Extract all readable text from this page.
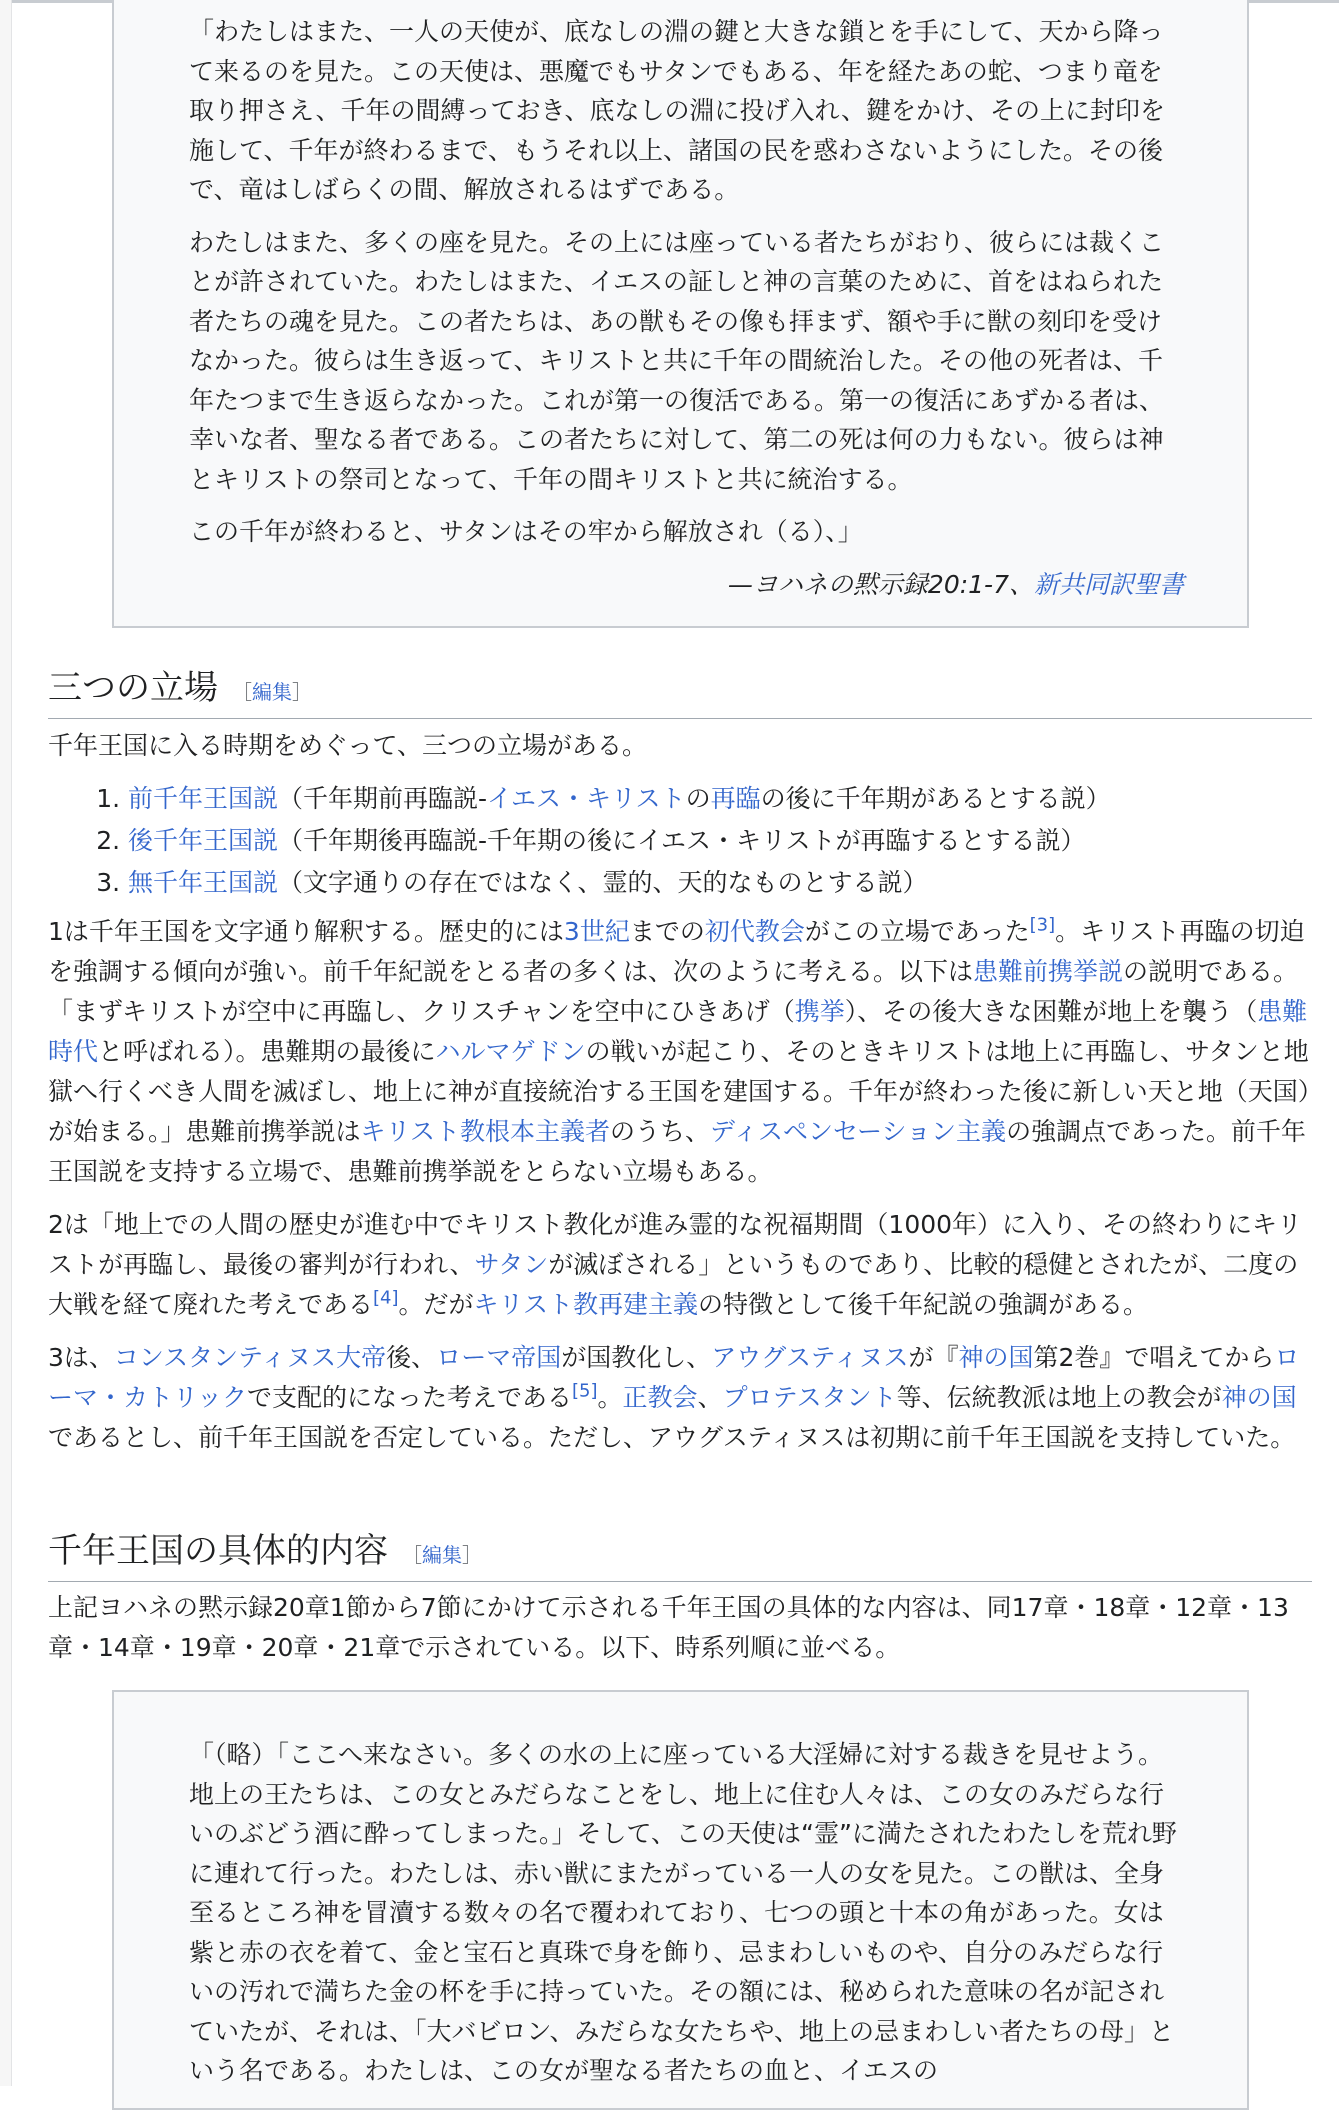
「わたしはまた、一人の天使が、底なしの淵の鍵と大きな鎖とを手にして、天から降って来るのを見た。この天使は、悪魔でもサタンでもある、年を経たあの蛇、つまり竜を取り押さえ、千年の間縛っておき、底なしの淵に投げ入れ、鍵をかけ、その上に封印を施して、千年が終わるまで、もうそれ以上、諸国の民を惑わさないようにした。その後で、竜はしばらくの間、解放されるはずである。

わたしはまた、多くの座を見た。その上には座っている者たちがおり、彼らには裁くことが許されていた。わたしはまた、イエスの証しと神の言葉のために、首をはねられた者たちの魂を見た。この者たちは、あの獣もその像も拝まず、額や手に獣の刻印を受けなかった。彼らは生き返って、キリストと共に千年の間統治した。その他の死者は、千年たつまで生き返らなかった。これが第一の復活である。第一の復活にあずかる者は、幸いな者、聖なる者である。この者たちに対して、第二の死は何の力もない。彼らは神とキリストの祭司となって、千年の間キリストと共に統治する。

この千年が終わると、サタンはその牢から解放され（る）、」

—ヨハネの黙示録20:1-7、新共同訳聖書
三つの立場 ［編集］

千年王国に入る時期をめぐって、三つの立場がある。

1. 前千年王国説（千年期前再臨説-イエス・キリストの再臨の後に千年期があるとする説）
2. 後千年王国説（千年期後再臨説-千年期の後にイエス・キリストが再臨するとする説）
3. 無千年王国説（文字通りの存在ではなく、霊的、天的なものとする説）

1は千年王国を文字通り解釈する。歴史的には3世紀までの初代教会がこの立場であった[3]。キリスト再臨の切迫を強調する傾向が強い。前千年紀説をとる者の多くは、次のように考える。以下は患難前携挙説の説明である。「まずキリストが空中に再臨し、クリスチャンを空中にひきあげ（携挙）、その後大きな困難が地上を襲う（患難時代と呼ばれる）。患難期の最後にハルマゲドンの戦いが起こり、そのときキリストは地上に再臨し、サタンと地獄へ行くべき人間を滅ぼし、地上に神が直接統治する王国を建国する。千年が終わった後に新しい天と地（天国）が始まる。」患難前携挙説はキリスト教根本主義者のうち、ディスペンセーション主義の強調点であった。前千年王国説を支持する立場で、患難前携挙説をとらない立場もある。

2は「地上での人間の歴史が進む中でキリスト教化が進み霊的な祝福期間（1000年）に入り、その終わりにキリストが再臨し、最後の審判が行われ、サタンが滅ぼされる」というものであり、比較的穏健とされたが、二度の大戦を経て廃れた考えである[4]。だがキリスト教再建主義の特徴として後千年紀説の強調がある。

3は、コンスタンティヌス大帝後、ローマ帝国が国教化し、アウグスティヌスが『神の国第2巻』で唱えてからローマ・カトリックで支配的になった考えである[5]。正教会、プロテスタント等、伝統教派は地上の教会が神の国であるとし、前千年王国説を否定している。ただし、アウグスティヌスは初期に前千年王国説を支持していた。

千年王国の具体的内容 ［編集］

上記ヨハネの黙示録20章1節から7節にかけて示される千年王国の具体的な内容は、同17章・18章・12章・13章・14章・19章・20章・21章で示されている。以下、時系列順に並べる。

「（略）「ここへ来なさい。多くの水の上に座っている大淫婦に対する裁きを見せよう。地上の王たちは、この女とみだらなことをし、地上に住む人々は、この女のみだらな行いのぶどう酒に酔ってしまった。」そして、この天使は“霊”に満たされたわたしを荒れ野に連れて行った。わたしは、赤い獣にまたがっている一人の女を見た。この獣は、全身至るところ神を冒瀆する数々の名で覆われており、七つの頭と十本の角があった。女は紫と赤の衣を着て、金と宝石と真珠で身を飾り、忌まわしいものや、自分のみだらな行いの汚れで満ちた金の杯を手に持っていた。その額には、秘められた意味の名が記されていたが、それは、「大バビロン、みだらな女たちや、地上の忌まわしい者たちの母」という名である。わたしは、この女が聖なる者たちの血と、イエスの
